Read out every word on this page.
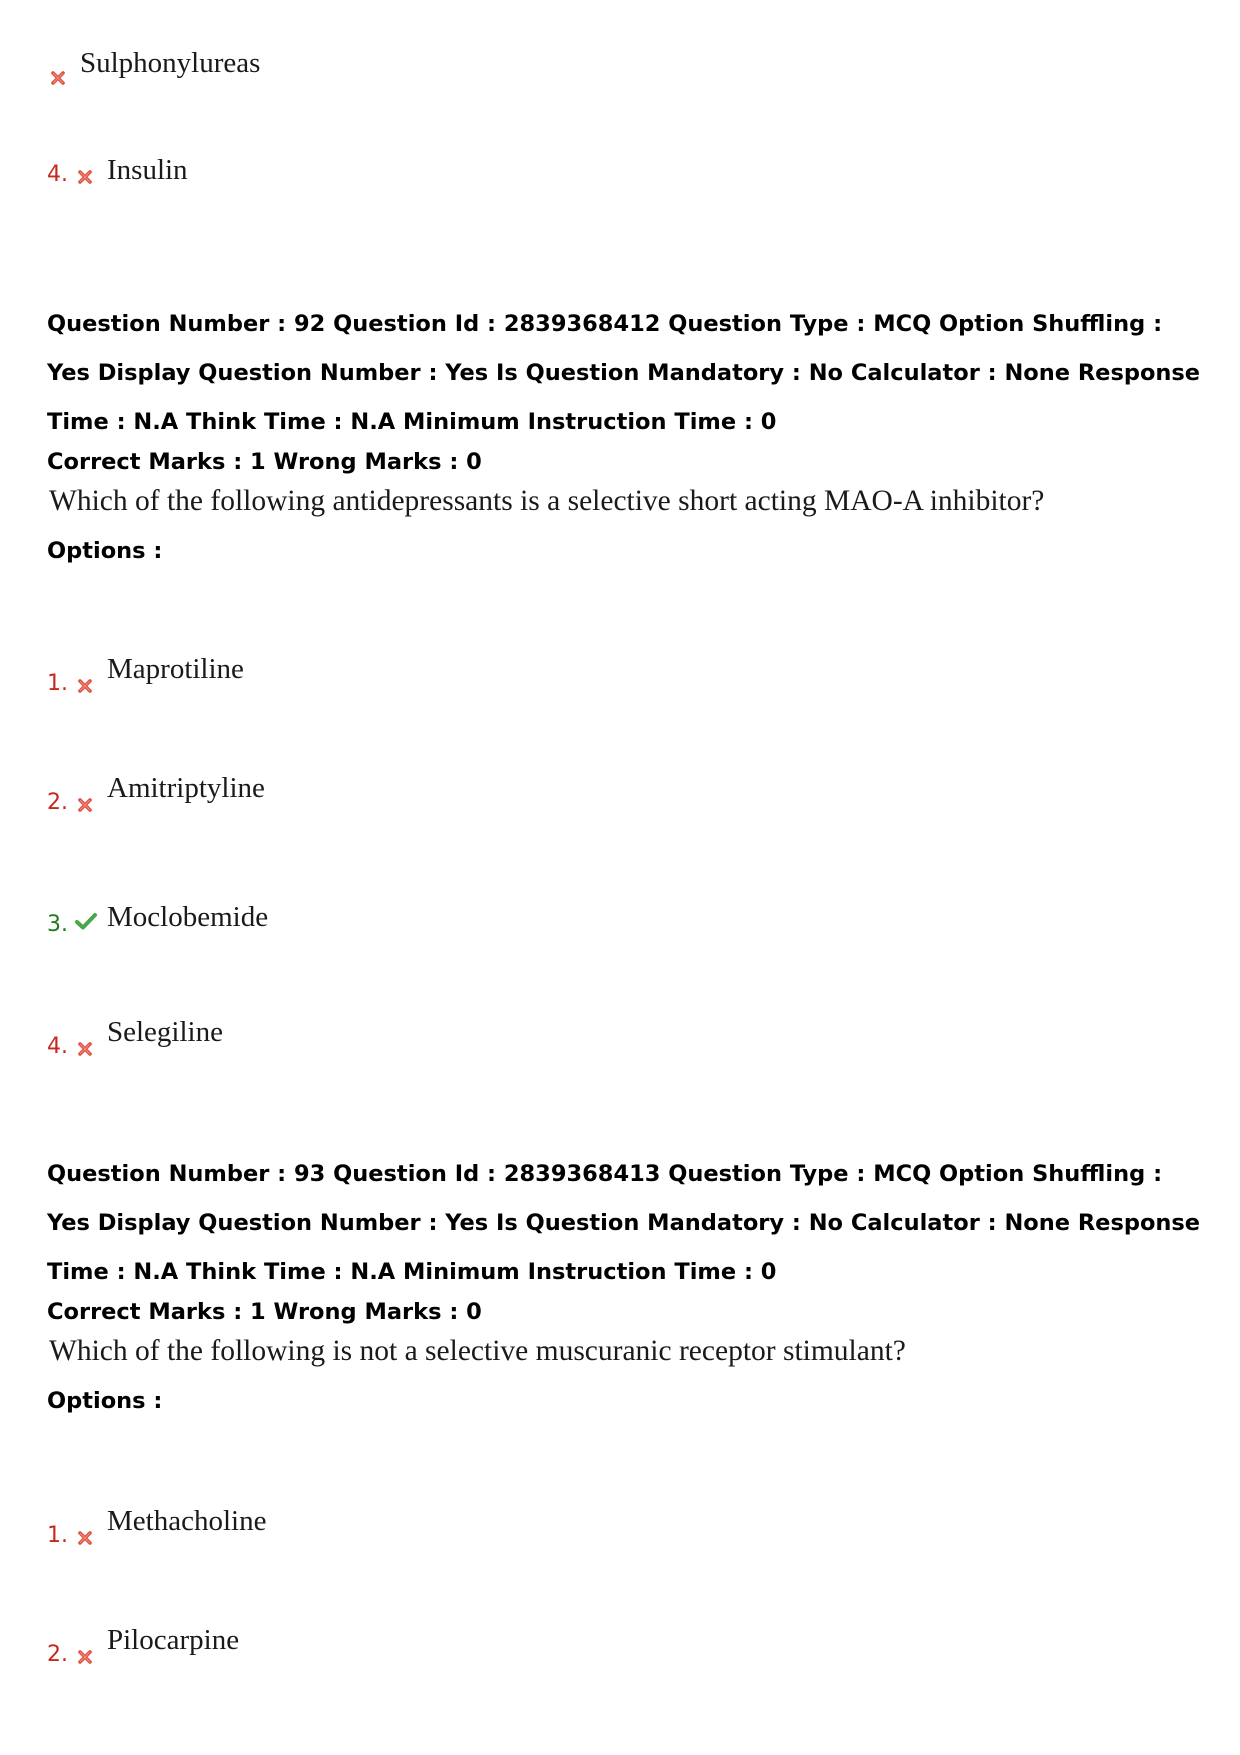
Sulphonylureas
4. Insulin
Question Number : 92 Question Id : 2839368412 Question Type : MCQ Option Shuffling : Yes Display Question Number : Yes Is Question Mandatory : No Calculator : None Response Time : N.A Think Time : N.A Minimum Instruction Time : 0
Correct Marks : 1 Wrong Marks : 0
Which of the following antidepressants is a selective short acting MAO-A inhibitor?
Options :
1. Maprotiline
2. Amitriptyline
3. Moclobemide
4. Selegiline
Question Number : 93 Question Id : 2839368413 Question Type : MCQ Option Shuffling : Yes Display Question Number : Yes Is Question Mandatory : No Calculator : None Response Time : N.A Think Time : N.A Minimum Instruction Time : 0
Correct Marks : 1 Wrong Marks : 0
Which of the following is not a selective muscuranic receptor stimulant?
Options :
1. Methacholine
2. Pilocarpine
